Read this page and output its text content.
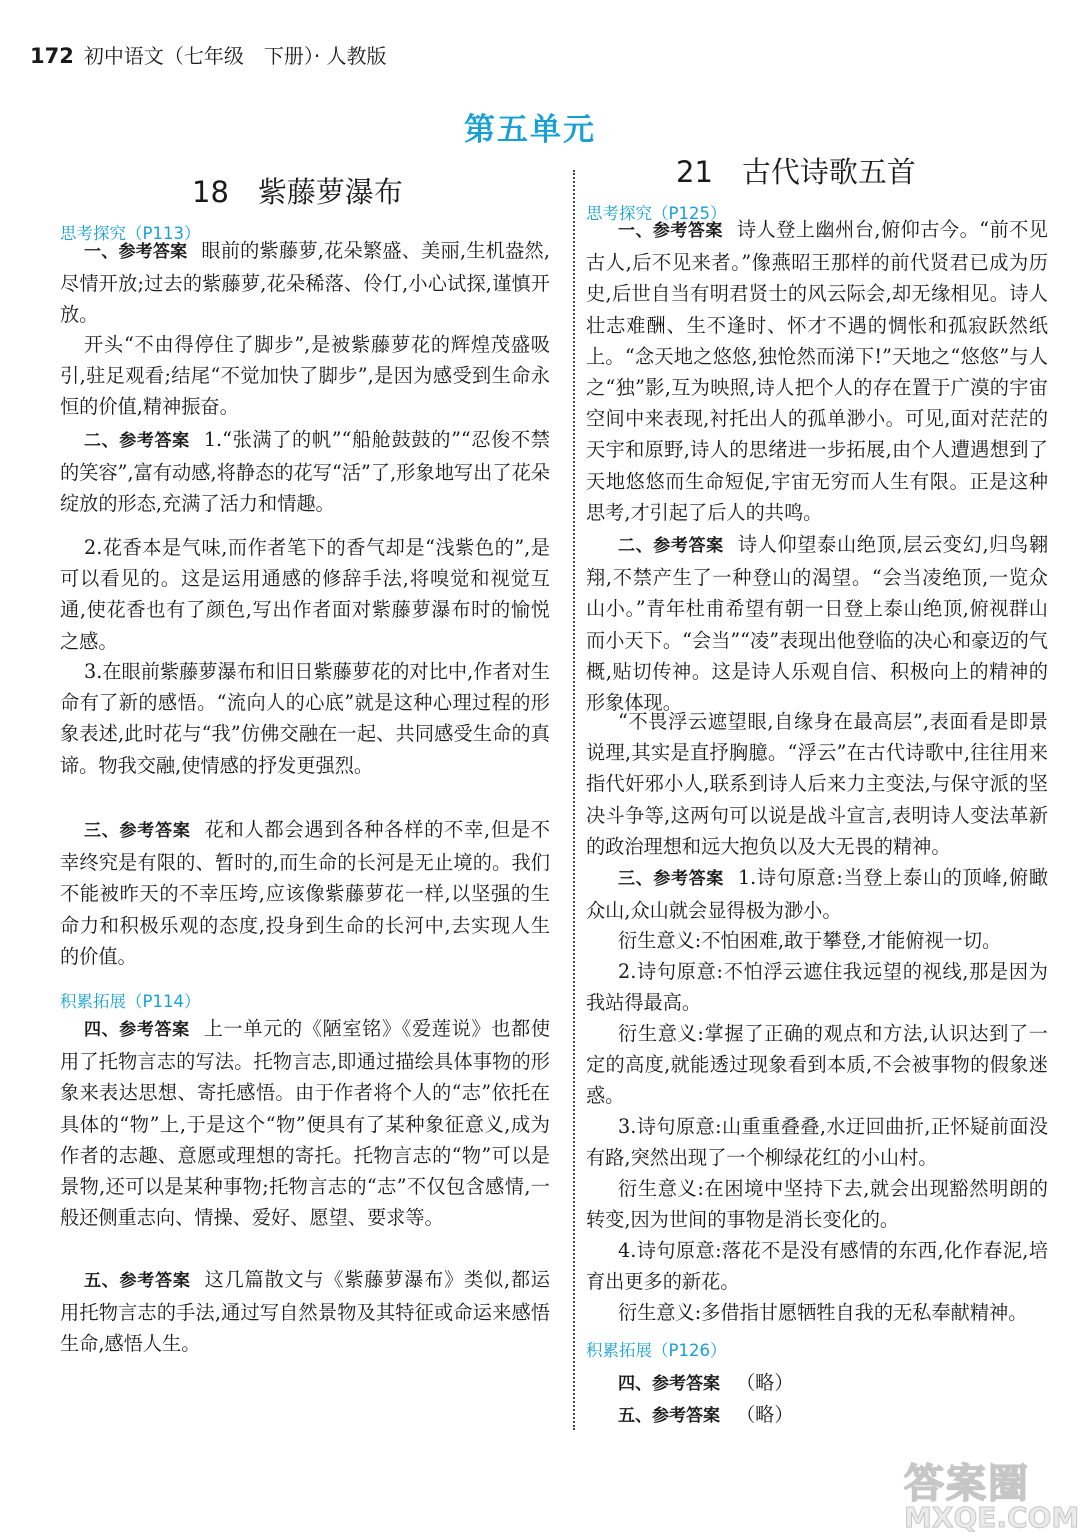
172 初中语文（七年级　下册）· 人教版
第五单元
18　紫藤萝瀑布
思考探究（P113）
一、参考答案 眼前的紫藤萝,花朵繁盛、美丽,生机盎然,尽情开放;过去的紫藤萝,花朵稀落、伶仃,小心试探,谨慎开放。
开头“不由得停住了脚步”,是被紫藤萝花的辉煌茂盛吸引,驻足观看;结尾“不觉加快了脚步”,是因为感受到生命永恒的价值,精神振奋。
二、参考答案 1.“张满了的帆”“船舱鼓鼓的”“忍俊不禁的笑容”,富有动感,将静态的花写“活”了,形象地写出了花朵绽放的形态,充满了活力和情趣。
2.花香本是气味,而作者笔下的香气却是“浅紫色的”,是可以看见的。这是运用通感的修辞手法,将嗅觉和视觉互通,使花香也有了颜色,写出作者面对紫藤萝瀑布时的愉悦之感。
3.在眼前紫藤萝瀑布和旧日紫藤萝花的对比中,作者对生命有了新的感悟。“流向人的心底”就是这种心理过程的形象表述,此时花与“我”仿佛交融在一起、共同感受生命的真谛。物我交融,使情感的抒发更强烈。
三、参考答案 花和人都会遇到各种各样的不幸,但是不幸终究是有限的、暂时的,而生命的长河是无止境的。我们不能被昨天的不幸压垮,应该像紫藤萝花一样,以坚强的生命力和积极乐观的态度,投身到生命的长河中,去实现人生的价值。
积累拓展（P114）
四、参考答案 上一单元的《陋室铭》《爱莲说》也都使用了托物言志的写法。托物言志,即通过描绘具体事物的形象来表达思想、寄托感悟。由于作者将个人的“志”依托在具体的“物”上,于是这个“物”便具有了某种象征意义,成为作者的志趣、意愿或理想的寄托。托物言志的“物”可以是景物,还可以是某种事物;托物言志的“志”不仅包含感情,一般还侧重志向、情操、爱好、愿望、要求等。
五、参考答案 这几篇散文与《紫藤萝瀑布》类似,都运用托物言志的手法,通过写自然景物及其特征或命运来感悟生命,感悟人生。
21　古代诗歌五首
思考探究（P125）
一、参考答案 诗人登上幽州台,俯仰古今。“前不见古人,后不见来者。”像燕昭王那样的前代贤君已成为历史,后世自当有明君贤士的风云际会,却无缘相见。诗人壮志难酬、生不逢时、怀才不遇的惆怅和孤寂跃然纸上。“念天地之悠悠,独怆然而涕下!”天地之“悠悠”与人之“独”影,互为映照,诗人把个人的存在置于广漠的宇宙空间中来表现,衬托出人的孤单渺小。可见,面对茫茫的天宇和原野,诗人的思绪进一步拓展,由个人遭遇想到了天地悠悠而生命短促,宇宙无穷而人生有限。正是这种思考,才引起了后人的共鸣。
二、参考答案 诗人仰望泰山绝顶,层云变幻,归鸟翱翔,不禁产生了一种登山的渴望。“会当凌绝顶,一览众山小。”青年杜甫希望有朝一日登上泰山绝顶,俯视群山而小天下。“会当”“凌”表现出他登临的决心和豪迈的气概,贴切传神。这是诗人乐观自信、积极向上的精神的形象体现。
“不畏浮云遮望眼,自缘身在最高层”,表面看是即景说理,其实是直抒胸臆。“浮云”在古代诗歌中,往往用来指代奸邪小人,联系到诗人后来力主变法,与保守派的坚决斗争等,这两句可以说是战斗宣言,表明诗人变法革新的政治理想和远大抱负以及大无畏的精神。
三、参考答案 1.诗句原意:当登上泰山的顶峰,俯瞰众山,众山就会显得极为渺小。
衍生意义:不怕困难,敢于攀登,才能俯视一切。
2.诗句原意:不怕浮云遮住我远望的视线,那是因为我站得最高。
衍生意义:掌握了正确的观点和方法,认识达到了一定的高度,就能透过现象看到本质,不会被事物的假象迷惑。
3.诗句原意:山重重叠叠,水迂回曲折,正怀疑前面没有路,突然出现了一个柳绿花红的小山村。
衍生意义:在困境中坚持下去,就会出现豁然明朗的转变,因为世间的事物是消长变化的。
4.诗句原意:落花不是没有感情的东西,化作春泥,培育出更多的新花。
衍生意义:多借指甘愿牺牲自我的无私奉献精神。
积累拓展（P126）
四、参考答案 （略）
五、参考答案 （略）
答案圈
MXQE.COM
